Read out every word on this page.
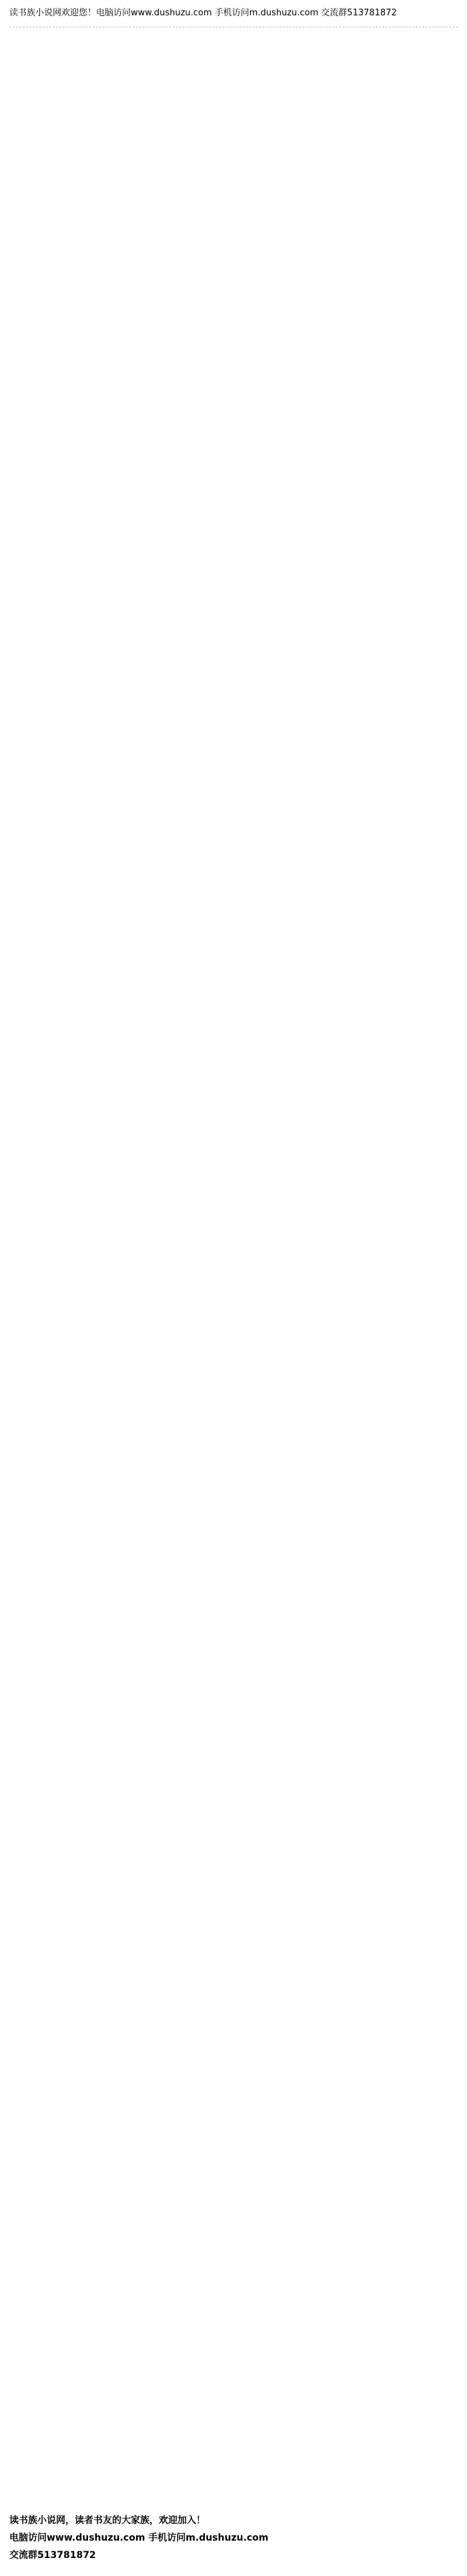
读书族小说网欢迎您！电脑访问www.dushuzu.com 手机访问m.dushuzu.com 交流群513781872

读书族小说网，读者书友的大家族，欢迎加入！
电脑访问www.dushuzu.com 手机访问m.dushuzu.com
交流群513781872
